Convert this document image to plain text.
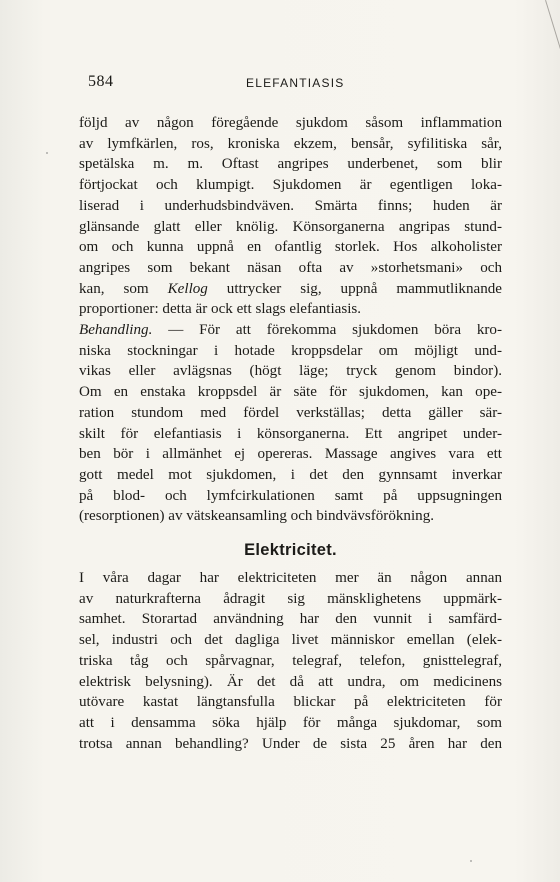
584	ELEFANTIASIS
följd av någon föregående sjukdom såsom inflammation
av lymfkärlen, ros, kroniska ekzem, bensår, syfilitiska sår,
spetälska m. m. Oftast angripes underbenet, som blir
förtjockat och klumpigt. Sjukdomen är egentligen loka-
liserad i underhudsbindväven. Smärta finns; huden är
glänsande glatt eller knölig. Könsorganerna angripas stund-
om och kunna uppnå en ofantlig storlek. Hos alkoholister
angripes som bekant näsan ofta av »storhetsmani» och
kan, som Kellog uttrycker sig, uppnå mammutliknande
proportioner: detta är ock ett slags elefantiasis.
Behandling. — För att förekomma sjukdomen böra kro-
niska stockningar i hotade kroppsdelar om möjligt und-
vikas eller avlägsnas (högt läge; tryck genom bindor).
Om en enstaka kroppsdel är säte för sjukdomen, kan ope-
ration stundom med fördel verkställas; detta gäller sär-
skilt för elefantiasis i könsorganerna. Ett angripet under-
ben bör i allmänhet ej opereras. Massage angives vara ett
gott medel mot sjukdomen, i det den gynnsamt inverkar
på blod- och lymfcirkulationen samt på uppsugningen
(resorptionen) av vätskeansamling och bindvävsförökning.
Elektricitet.
I våra dagar har elektriciteten mer än någon annan
av naturkrafterna ådragit sig mänsklighetens uppmärk-
samhet. Storartad användning har den vunnit i samfärd-
sel, industri och det dagliga livet människor emellan (elek-
triska tåg och spårvagnar, telegraf, telefon, gnisttelegraf,
elektrisk belysning). Är det då att undra, om medicinens
utövare kastat längtansfulla blickar på elektriciteten för
att i densamma söka hjälp för många sjukdomar, som
trotsa annan behandling? Under de sista 25 åren har den
